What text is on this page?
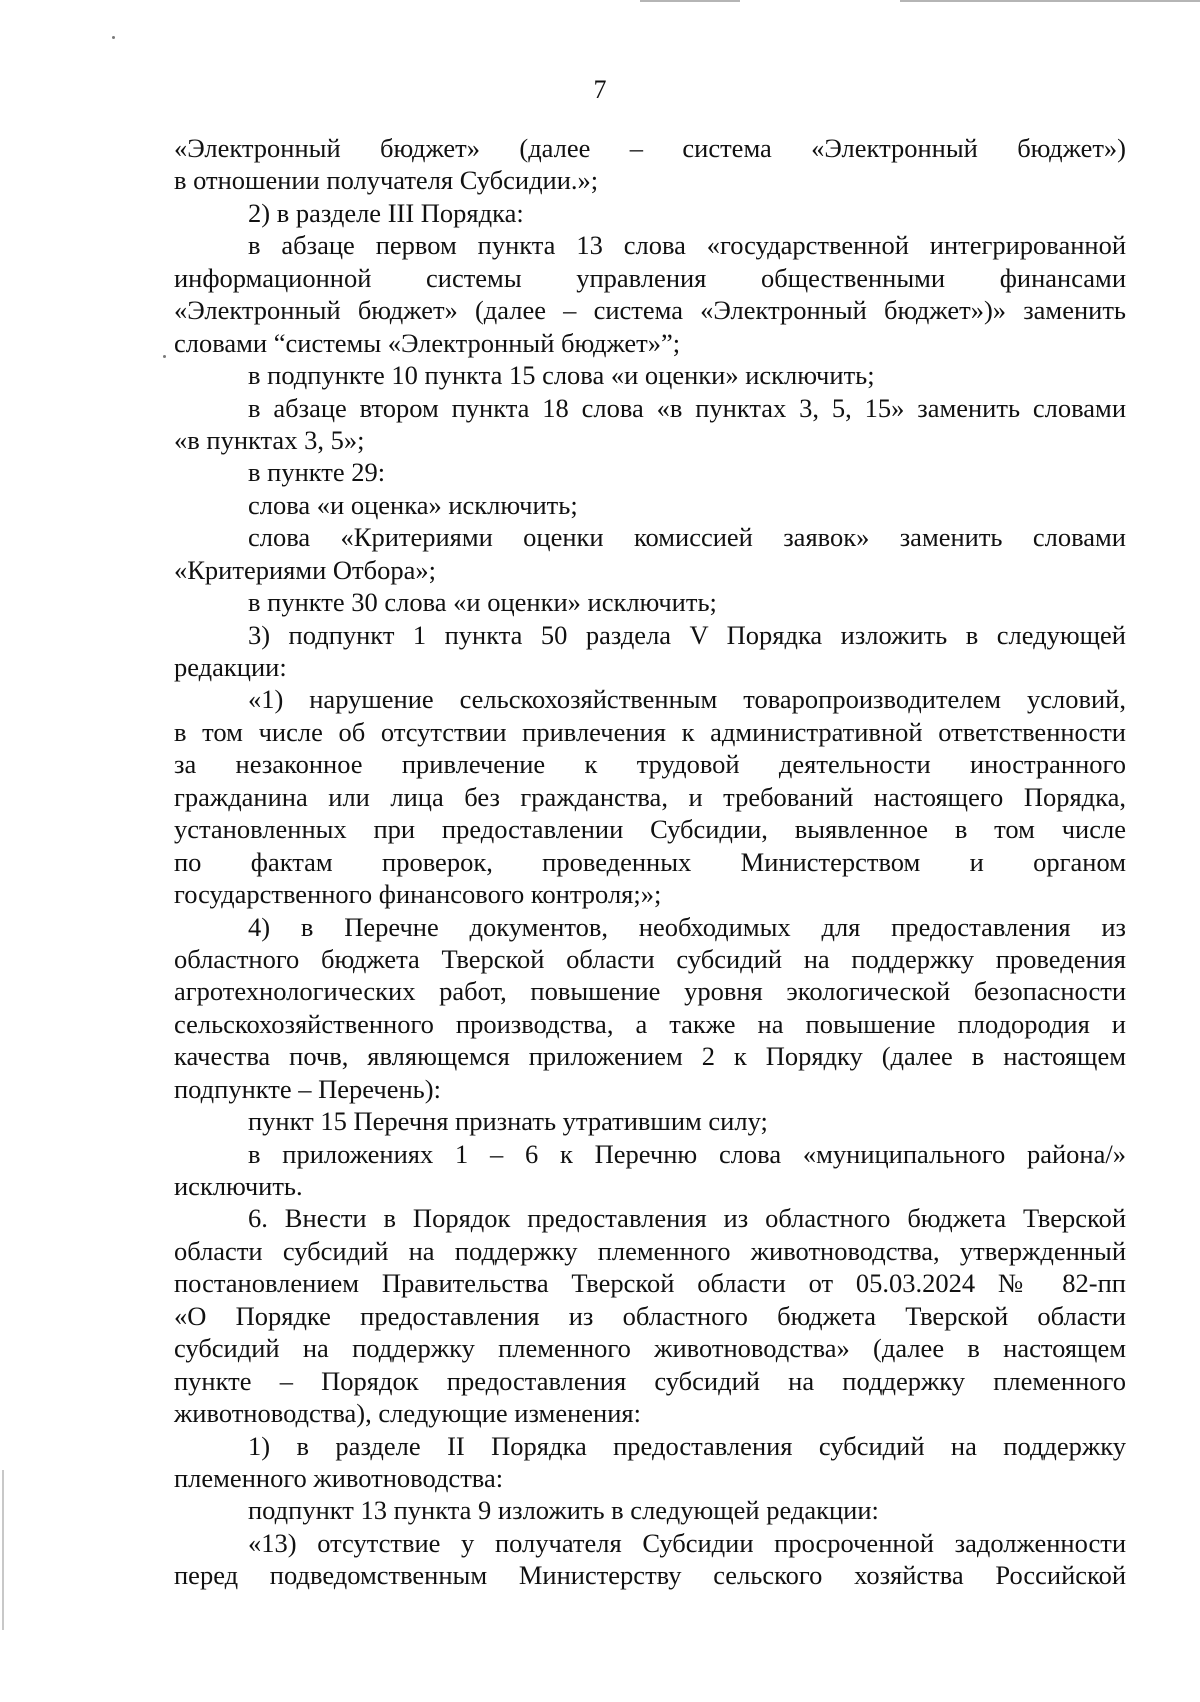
7
«Электронный бюджет» (далее – система «Электронный бюджет»)
в отношении получателя Субсидии.»;
2) в разделе III Порядка:
в абзаце первом пункта 13 слова «государственной интегрированной
информационной системы управления общественными финансами
«Электронный бюджет» (далее – система «Электронный бюджет»)» заменить
словами “системы «Электронный бюджет»”;
в подпункте 10 пункта 15 слова «и оценки» исключить;
в абзаце втором пункта 18 слова «в пунктах 3, 5, 15» заменить словами
«в пунктах 3, 5»;
в пункте 29:
слова «и оценка» исключить;
слова «Критериями оценки комиссией заявок» заменить словами
«Критериями Отбора»;
в пункте 30 слова «и оценки» исключить;
3) подпункт 1 пункта 50 раздела V Порядка изложить в следующей
редакции:
«1) нарушение сельскохозяйственным товаропроизводителем условий,
в том числе об отсутствии привлечения к административной ответственности
за незаконное привлечение к трудовой деятельности иностранного
гражданина или лица без гражданства, и требований настоящего Порядка,
установленных при предоставлении Субсидии, выявленное в том числе
по фактам проверок, проведенных Министерством и органом
государственного финансового контроля;»;
4) в Перечне документов, необходимых для предоставления из
областного бюджета Тверской области субсидий на поддержку проведения
агротехнологических работ, повышение уровня экологической безопасности
сельскохозяйственного производства, а также на повышение плодородия и
качества почв, являющемся приложением 2 к Порядку (далее в настоящем
подпункте – Перечень):
пункт 15 Перечня признать утратившим силу;
в приложениях 1 – 6 к Перечню слова «муниципального района/»
исключить.
6. Внести в Порядок предоставления из областного бюджета Тверской
области субсидий на поддержку племенного животноводства, утвержденный
постановлением Правительства Тверской области от 05.03.2024 № 82-пп
«О Порядке предоставления из областного бюджета Тверской области
субсидий на поддержку племенного животноводства» (далее в настоящем
пункте – Порядок предоставления субсидий на поддержку племенного
животноводства), следующие изменения:
1) в разделе II Порядка предоставления субсидий на поддержку
племенного животноводства:
подпункт 13 пункта 9 изложить в следующей редакции:
«13) отсутствие у получателя Субсидии просроченной задолженности
перед подведомственным Министерству сельского хозяйства Российской
